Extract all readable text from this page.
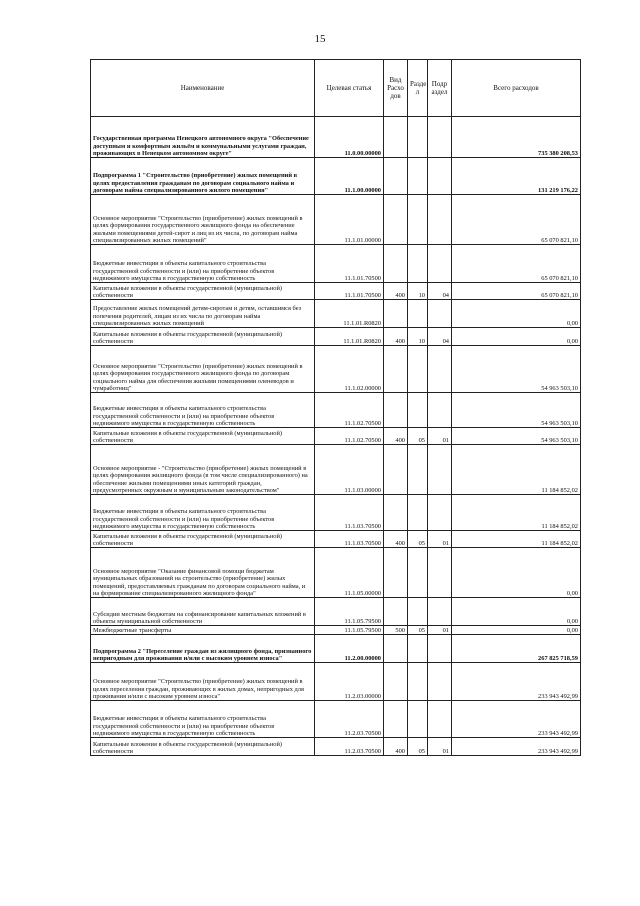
15
Наименование	Целевая статья	Вид Расхо дов	Разде л	Подр аздел	Всего расходов
Государственная программа Ненецкого автономного округа "Обеспечение доступным и комфортным жильём и коммунальными услугами граждан, проживающих в Ненецком автономном округе"	11.0.00.00000				735 380 208,53
Подпрограмма 1 "Строительство (приобретение) жилых помещений в целях предоставления гражданам по договорам социального найма и договорам найма специализированного жилого помещения"	11.1.00.00000				131 219 176,22
Основное мероприятие "Строительство (приобретение) жилых помещений в целях формирования государственного жилищного фонда на обеспечение жилыми помещениями детей-сирот и лиц из их числа, по договорам найма специализированных жилых помещений"	11.1.01.00000				65 070 821,10
Бюджетные инвестиции в объекты капитального строительства государственной собственности и (или) на приобретение объектов недвижимого имущества в государственную собственность	11.1.01.70500				65 070 821,10
Капитальные вложения в объекты государственной (муниципальной) собственности	11.1.01.70500	400	10	04	65 070 821,10
Предоставление жилых помещений детям-сиротам и детям, оставшимся без попечения родителей, лицам из их числа по договорам найма специализированных жилых помещений	11.1.01.R0820				0,00
Капитальные вложения в объекты государственной (муниципальной) собственности	11.1.01.R0820	400	10	04	0,00
Основное мероприятие "Строительство (приобретение) жилых помещений в целях формирования государственного жилищного фонда по договорам социального найма для обеспечения жилыми помещениями оленеводов и чумработниц"	11.1.02.00000				54 963 503,10
Бюджетные инвестиции в объекты капитального строительства государственной собственности и (или) на приобретение объектов недвижимого имущества в государственную собственность	11.1.02.70500				54 963 503,10
Капитальные вложения в объекты государственной (муниципальной) собственности	11.1.02.70500	400	05	01	54 963 503,10
Основное мероприятие - "Строительство (приобретение) жилых помещений в целях формирования жилищного фонда (в том числе специализированного) на обеспечение жилыми помещениями иных категорий граждан, предусмотренных окружным и муниципальным законодательством"	11.1.03.00000				11 184 852,02
Бюджетные инвестиции в объекты капитального строительства государственной собственности и (или) на приобретение объектов недвижимого имущества в государственную собственность	11.1.03.70500				11 184 852,02
Капитальные вложения в объекты государственной (муниципальной) собственности	11.1.03.70500	400	05	01	11 184 852,02
Основное мероприятие "Оказание финансовой помощи бюджетам муниципальных образований на строительство (приобретение) жилых помещений, предоставляемых гражданам по договорам социального найма, и на формирование специализированного жилищного фонда"	11.1.05.00000				0,00
Субсидии местным бюджетам на софинансирование капитальных вложений в объекты муниципальной собственности	11.1.05.79500				0,00
Межбюджетные трансферты	11.1.05.79500	500	05	01	0,00
Подпрограмма 2 "Переселение граждан из жилищного фонда, признанного непригодным для проживания и/или с высоким уровнем износа"	11.2.00.00000				267 825 718,59
Основное мероприятие "Строительство (приобретение) жилых помещений в целях переселения граждан, проживающих в жилых домах, непригодных для проживания и/или с высоким уровнем износа"	11.2.03.00000				233 943 492,99
Бюджетные инвестиции в объекты капитального строительства государственной собственности и (или) на приобретение объектов недвижимого имущества в государственную собственность	11.2.03.70500				233 943 492,99
Капитальные вложения в объекты государственной (муниципальной) собственности	11.2.03.70500	400	05	01	233 943 492,99
